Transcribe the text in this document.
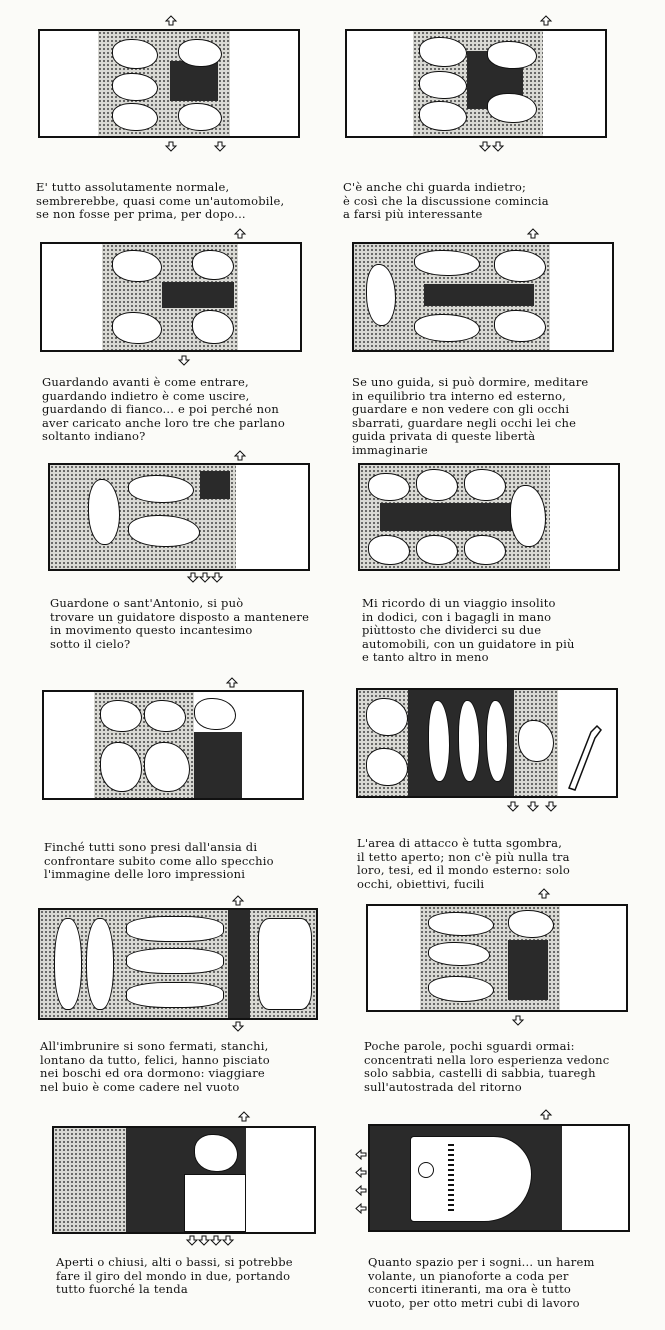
E' tutto assolutamente normale,
sembrerebbe, quasi come un'automobile,
se non fosse per prima, per dopo...
C'è anche chi guarda indietro;
è così che la discussione comincia
a farsi più interessante
Guardando avanti è come entrare,
guardando indietro è come uscire,
guardando di fianco... e poi perché non
aver caricato anche loro tre che parlano
soltanto indiano?
Se uno guida, si può dormire, meditare
in equilibrio tra interno ed esterno,
guardare e non vedere con gli occhi
sbarrati, guardare negli occhi lei che
guida privata di queste libertà
immaginarie
Guardone o sant'Antonio, si può
trovare un guidatore disposto a mantenere
in movimento questo incantesimo
sotto il cielo?
Mi ricordo di un viaggio insolito
in dodici, con i bagagli in mano
piùttosto che dividerci su due
automobili, con un guidatore in più
e tanto altro in meno
Finché tutti sono presi dall'ansia di
confrontare subito come allo specchio
l'immagine delle loro impressioni
L'area di attacco è tutta sgombra,
il tetto aperto; non c'è più nulla tra
loro, tesi, ed il mondo esterno: solo
occhi, obiettivi, fucili
All'imbrunire si sono fermati, stanchi,
lontano da tutto, felici, hanno pisciato
nei boschi ed ora dormono: viaggiare
nel buio è come cadere nel vuoto
Poche parole, pochi sguardi ormai:
concentrati nella loro esperienza vedonc
solo sabbia, castelli di sabbia, tuaregh
sull'autostrada del ritorno
Aperti o chiusi, alti o bassi, si potrebbe
fare il giro del mondo in due, portando
tutto fuorché la tenda
Quanto spazio per i sogni... un harem
volante, un pianoforte a coda per
concerti itineranti, ma ora è tutto
vuoto, per otto metri cubi di lavoro
